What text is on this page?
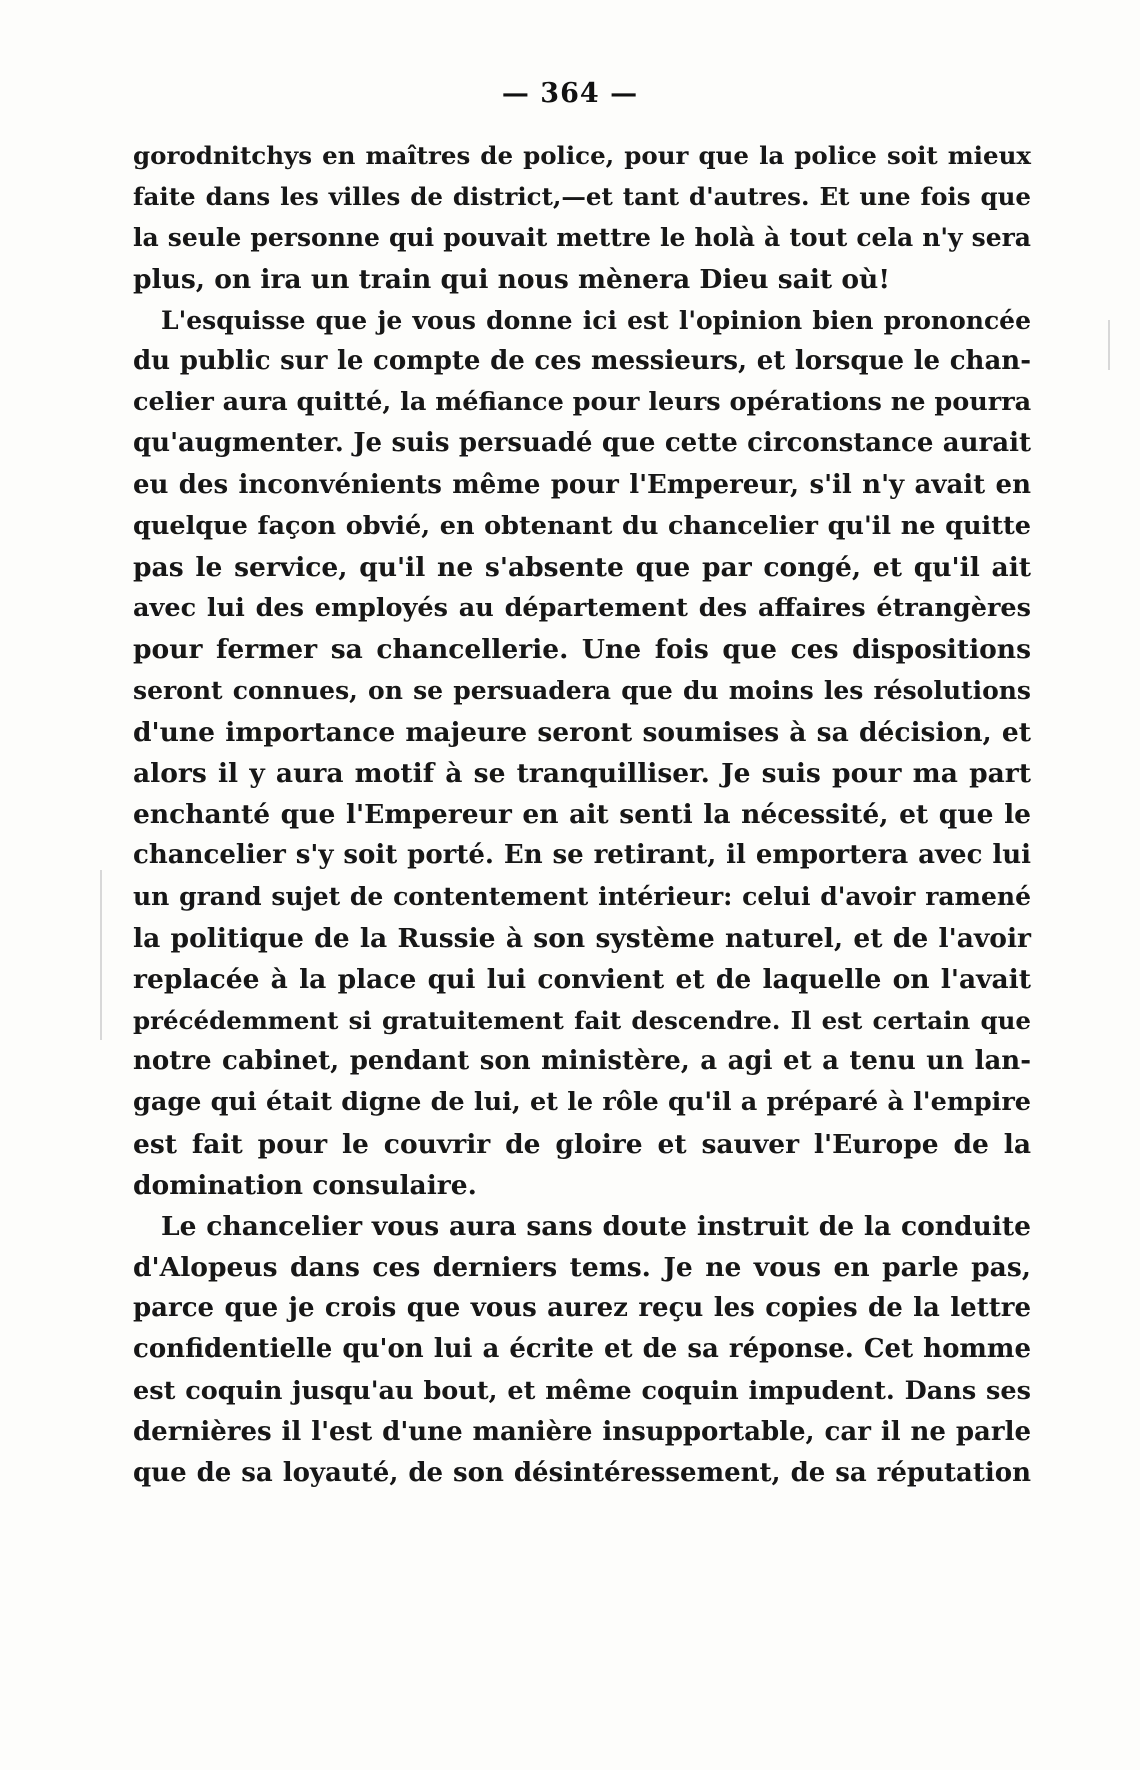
— 364 —
gorodnitchys en maîtres de police, pour que la police soit mieux
faite dans les villes de district,—et tant d'autres. Et une fois que
la seule personne qui pouvait mettre le holà à tout cela n'y sera
plus, on ira un train qui nous mènera Dieu sait où!
L'esquisse que je vous donne ici est l'opinion bien prononcée
du public sur le compte de ces messieurs, et lorsque le chan-
celier aura quitté, la méfiance pour leurs opérations ne pourra
qu'augmenter. Je suis persuadé que cette circonstance aurait
eu des inconvénients même pour l'Empereur, s'il n'y avait en
quelque façon obvié, en obtenant du chancelier qu'il ne quitte
pas le service, qu'il ne s'absente que par congé, et qu'il ait
avec lui des employés au département des affaires étrangères
pour fermer sa chancellerie. Une fois que ces dispositions
seront connues, on se persuadera que du moins les résolutions
d'une importance majeure seront soumises à sa décision, et
alors il y aura motif à se tranquilliser. Je suis pour ma part
enchanté que l'Empereur en ait senti la nécessité, et que le
chancelier s'y soit porté. En se retirant, il emportera avec lui
un grand sujet de contentement intérieur: celui d'avoir ramené
la politique de la Russie à son système naturel, et de l'avoir
replacée à la place qui lui convient et de laquelle on l'avait
précédemment si gratuitement fait descendre. Il est certain que
notre cabinet, pendant son ministère, a agi et a tenu un lan-
gage qui était digne de lui, et le rôle qu'il a préparé à l'empire
est fait pour le couvrir de gloire et sauver l'Europe de la
domination consulaire.
Le chancelier vous aura sans doute instruit de la conduite
d'Alopeus dans ces derniers tems. Je ne vous en parle pas,
parce que je crois que vous aurez reçu les copies de la lettre
confidentielle qu'on lui a écrite et de sa réponse. Cet homme
est coquin jusqu'au bout, et même coquin impudent. Dans ses
dernières il l'est d'une manière insupportable, car il ne parle
que de sa loyauté, de son désintéressement, de sa réputation
